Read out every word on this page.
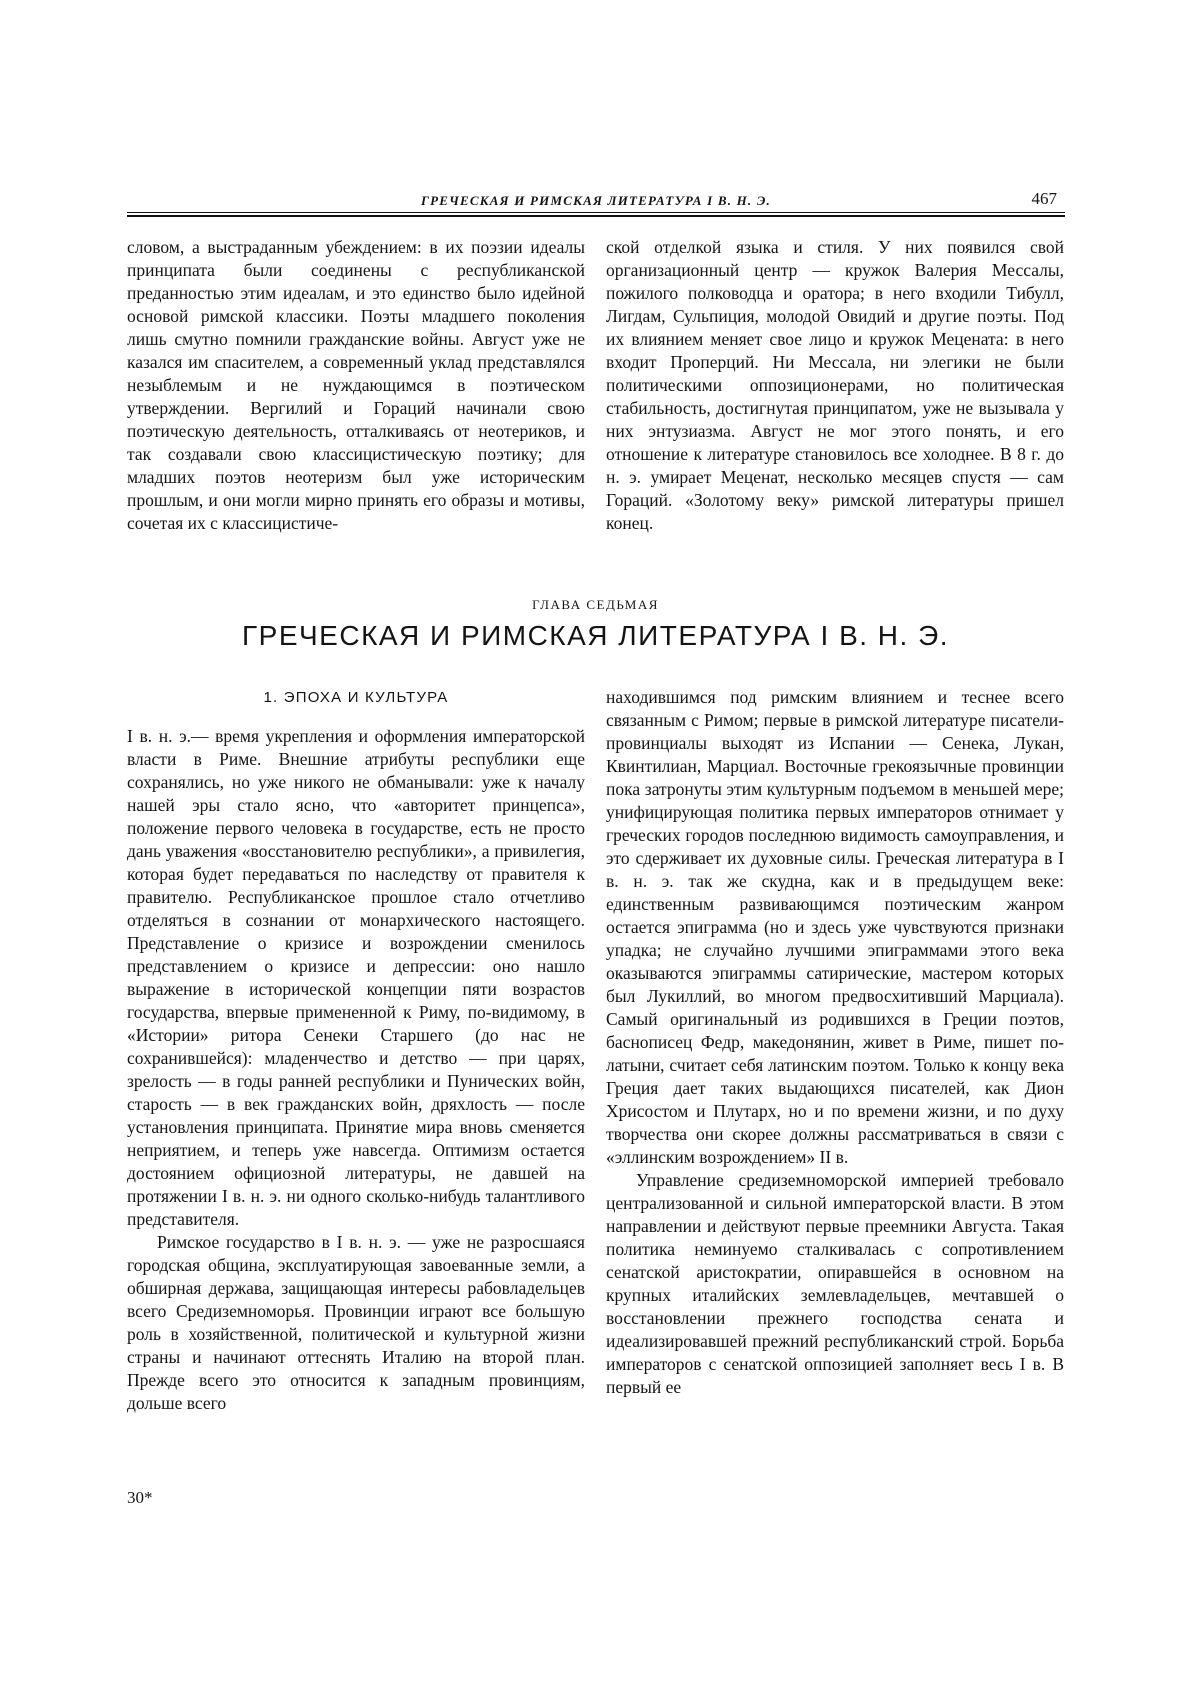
ГРЕЧЕСКАЯ И РИМСКАЯ ЛИТЕРАТУРА I В. Н. Э.	467

словом, а выстраданным убеждением: в их поэзии идеалы принципата были соединены с республиканской преданностью этим идеалам, и это единство было идейной основой римской классики. Поэты младшего поколения лишь смутно помнили гражданские войны. Август уже не казался им спасителем, а современный уклад представлялся незыблемым и не нуждающимся в поэтическом утверждении. Вергилий и Гораций начинали свою поэтическую деятельность, отталкиваясь от неотериков, и так создавали свою классицистическую поэтику; для младших поэтов неотеризм был уже историческим прошлым, и они могли мирно принять его образы и мотивы, сочетая их с классицистиче-

ской отделкой языка и стиля. У них появился свой организационный центр — кружок Валерия Мессалы, пожилого полководца и оратора; в него входили Тибулл, Лигдам, Сульпиция, молодой Овидий и другие поэты. Под их влиянием меняет свое лицо и кружок Мецената: в него входит Проперций. Ни Мессала, ни элегики не были политическими оппозиционерами, но политическая стабильность, достигнутая принципатом, уже не вызывала у них энтузиазма. Август не мог этого понять, и его отношение к литературе становилось все холоднее. В 8 г. до н. э. умирает Меценат, несколько месяцев спустя — сам Гораций. «Золотому веку» римской литературы пришел конец.

ГЛАВА СЕДЬМАЯ
ГРЕЧЕСКАЯ И РИМСКАЯ ЛИТЕРАТУРА I В. Н. Э.
1. ЭПОХА И КУЛЬТУРА

I в. н. э.— время укрепления и оформления императорской власти в Риме. Внешние атрибуты республики еще сохранялись, но уже никого не обманывали: уже к началу нашей эры стало ясно, что «авторитет принцепса», положение первого человека в государстве, есть не просто дань уважения «восстановителю республики», а привилегия, которая будет передаваться по наследству от правителя к правителю. Республиканское прошлое стало отчетливо отделяться в сознании от монархического настоящего. Представление о кризисе и возрождении сменилось представлением о кризисе и депрессии: оно нашло выражение в исторической концепции пяти возрастов государства, впервые примененной к Риму, по-видимому, в «Истории» ритора Сенеки Старшего (до нас не сохранившейся): младенчество и детство — при царях, зрелость — в годы ранней республики и Пунических войн, старость — в век гражданских войн, дряхлость — после установления принципата. Принятие мира вновь сменяется неприятием, и теперь уже навсегда. Оптимизм остается достоянием официозной литературы, не давшей на протяжении I в. н. э. ни одного сколько-нибудь талантливого представителя.

Римское государство в I в. н. э. — уже не разросшаяся городская община, эксплуатирующая завоеванные земли, а обширная держава, защищающая интересы рабовладельцев всего Средиземноморья. Провинции играют все большую роль в хозяйственной, политической и культурной жизни страны и начинают оттеснять Италию на второй план. Прежде всего это относится к западным провинциям, дольше всего

находившимся под римским влиянием и теснее всего связанным с Римом; первые в римской литературе писатели-провинциалы выходят из Испании — Сенека, Лукан, Квинтилиан, Марциал. Восточные грекоязычные провинции пока затронуты этим культурным подъемом в меньшей мере; унифицирующая политика первых императоров отнимает у греческих городов последнюю видимость самоуправления, и это сдерживает их духовные силы. Греческая литература в I в. н. э. так же скудна, как и в предыдущем веке: единственным развивающимся поэтическим жанром остается эпиграмма (но и здесь уже чувствуются признаки упадка; не случайно лучшими эпиграммами этого века оказываются эпиграммы сатирические, мастером которых был Лукиллий, во многом предвосхитивший Марциала). Самый оригинальный из родившихся в Греции поэтов, баснописец Федр, македонянин, живет в Риме, пишет по-латыни, считает себя латинским поэтом. Только к концу века Греция дает таких выдающихся писателей, как Дион Хрисостом и Плутарх, но и по времени жизни, и по духу творчества они скорее должны рассматриваться в связи с «эллинским возрождением» II в.

Управление средиземноморской империей требовало централизованной и сильной императорской власти. В этом направлении и действуют первые преемники Августа. Такая политика неминуемо сталкивалась с сопротивлением сенатской аристократии, опиравшейся в основном на крупных италийских землевладельцев, мечтавшей о восстановлении прежнего господства сената и идеализировавшей прежний республиканский строй. Борьба императоров с сенатской оппозицией заполняет весь I в. В первый ее

30*
